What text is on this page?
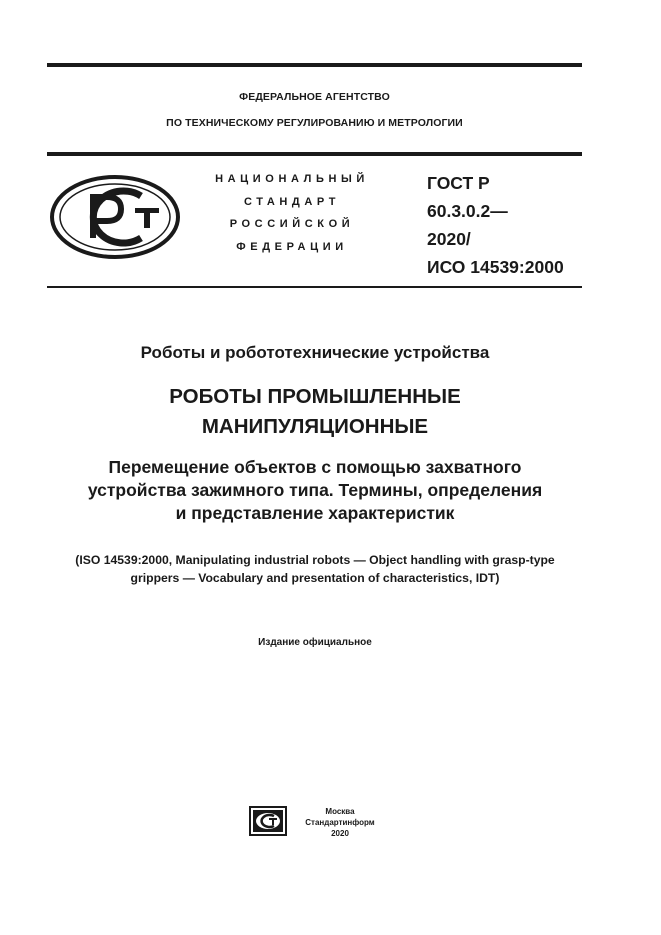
ФЕДЕРАЛЬНОЕ АГЕНТСТВО
ПО ТЕХНИЧЕСКОМУ РЕГУЛИРОВАНИЮ И МЕТРОЛОГИИ
НАЦИОНАЛЬНЫЙ
СТАНДАРТ
РОССИЙСКОЙ
ФЕДЕРАЦИИ
ГОСТ Р
60.3.0.2—
2020/
ИСО 14539:2000
Роботы и робототехнические устройства
РОБОТЫ ПРОМЫШЛЕННЫЕ
МАНИПУЛЯЦИОННЫЕ
Перемещение объектов с помощью захватного
устройства зажимного типа. Термины, определения
и представление характеристик
(ISO 14539:2000, Manipulating industrial robots — Object handling with grasp-type
grippers — Vocabulary and presentation of characteristics, IDT)
Издание официальное
Москва
Стандартинформ
2020
